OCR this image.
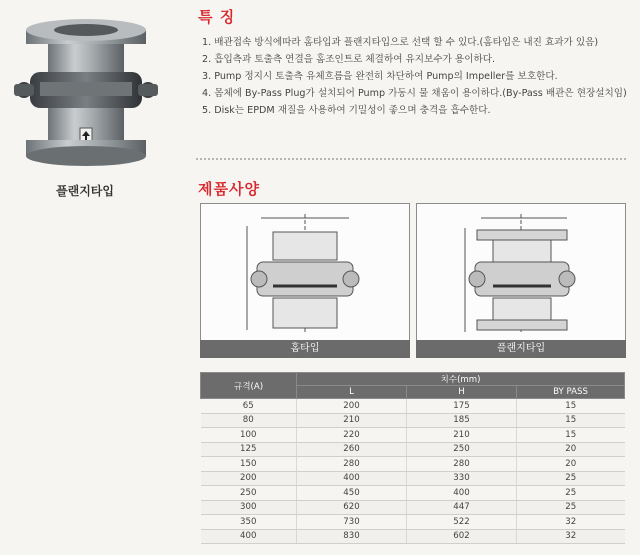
플랜지타입
특 징
1. 배관접속 방식에따라 홈타입과 플랜지타입으로 선택 할 수 있다.(홈타입은 내진 효과가 있음)
2. 흡입측과 토출측 연결을 홈조인트로 체결하여 유지보수가 용이하다.
3. Pump 정지시 토출측 유체흐름을 완전히 차단하여 Pump의 Impeller를 보호한다.
4. 몸체에 By-Pass Plug가 설치되어 Pump 가동시 물 채움이 용이하다.(By-Pass 배관은 현장설치임)
5. Disk는 EPDM 재질을 사용하여 기밀성이 좋으며 충격을 흡수한다.
제품사양
홈타입	플랜지타입
규격(A)	치수(mm)		
	L	H	BY PASS
65	200	175	15
80	210	185	15
100	220	210	15
125	260	250	20
150	280	280	20
200	400	330	25
250	450	400	25
300	620	447	25
350	730	522	32
400	830	602	32
